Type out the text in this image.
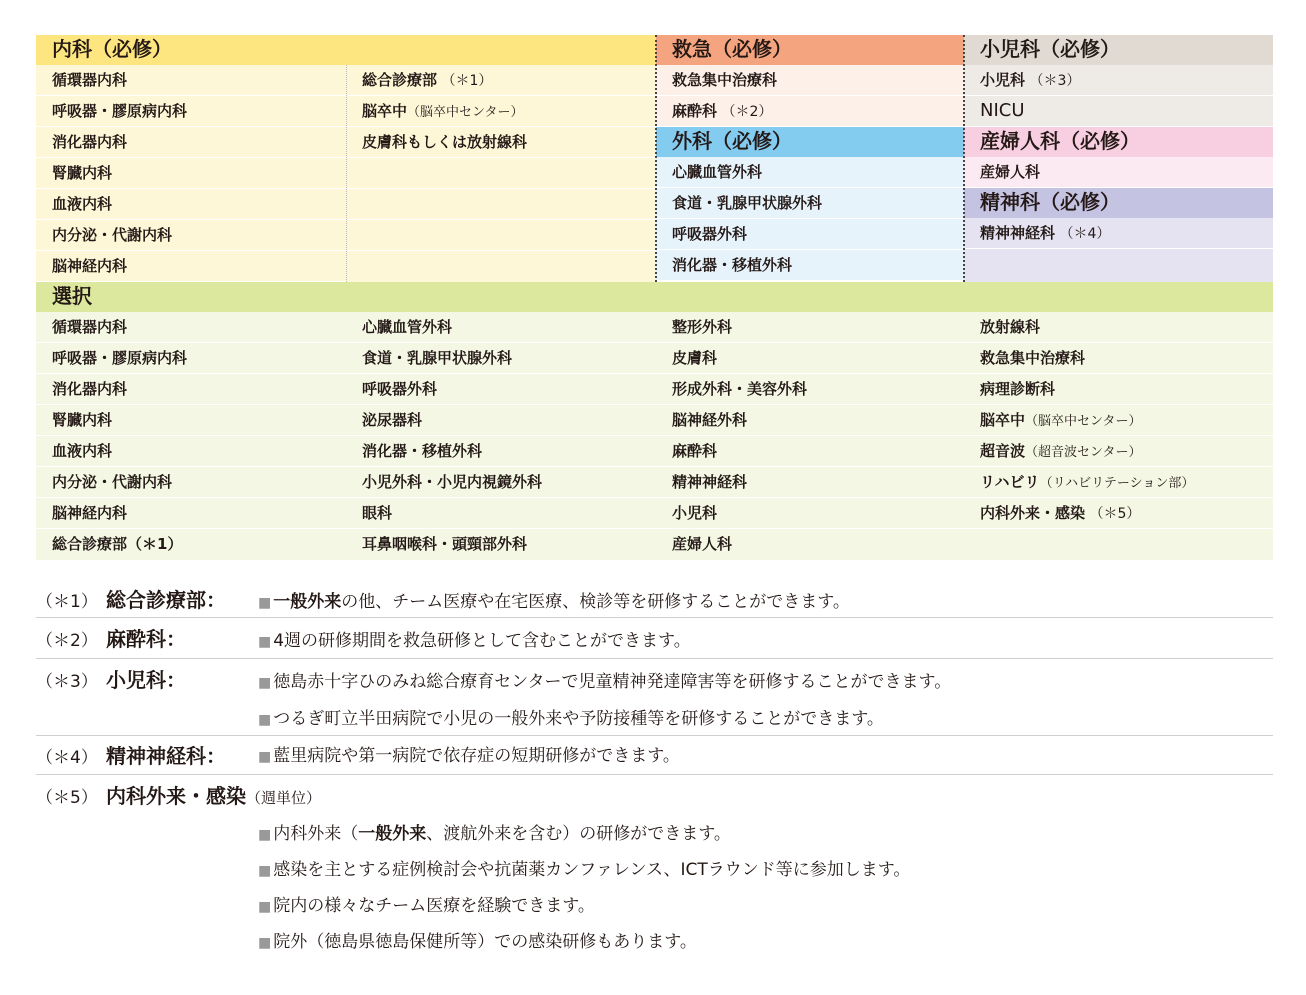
内科（必修）
循環器内科
呼吸器・膠原病内科
消化器内科
腎臓内科
血液内科
内分泌・代謝内科
脳神経内科
総合診療部 （＊1）
脳卒中（脳卒中センター）
皮膚科もしくは放射線科
救急（必修）
救急集中治療科
麻酔科 （＊2）
外科（必修）
心臓血管外科
食道・乳腺甲状腺外科
呼吸器外科
消化器・移植外科
小児科（必修）
小児科 （＊3）
NICU
産婦人科（必修）
産婦人科
精神科（必修）
精神神経科 （＊4）
選択
循環器内科
呼吸器・膠原病内科
消化器内科
腎臓内科
血液内科
内分泌・代謝内科
脳神経内科
総合診療部（＊1）
心臓血管外科
食道・乳腺甲状腺外科
呼吸器外科
泌尿器科
消化器・移植外科
小児外科・小児内視鏡外科
眼科
耳鼻咽喉科・頭頸部外科
整形外科
皮膚科
形成外科・美容外科
脳神経外科
麻酔科
精神神経科
小児科
産婦人科
放射線科
救急集中治療科
病理診断科
脳卒中（脳卒中センター）
超音波（超音波センター）
リハビリ（リハビリテーション部）
内科外来・感染 （＊5）
（＊1） 総合診療部： ■ 一般外来の他、チーム医療や在宅医療、検診等を研修することができます。
（＊2） 麻酔科：	■ 4週の研修期間を救急研修として含むことができます。
（＊3） 小児科：	■ 徳島赤十字ひのみね総合療育センターで児童精神発達障害等を研修することができます。
■ つるぎ町立半田病院で小児の一般外来や予防接種等を研修することができます。
（＊4） 精神神経科： ■ 藍里病院や第一病院で依存症の短期研修ができます。
（＊5） 内科外来・感染（週単位）
■ 内科外来（一般外来、渡航外来を含む）の研修ができます。
■ 感染を主とする症例検討会や抗菌薬カンファレンス、ICTラウンド等に参加します。
■ 院内の様々なチーム医療を経験できます。
■ 院外（徳島県徳島保健所等）での感染研修もあります。
